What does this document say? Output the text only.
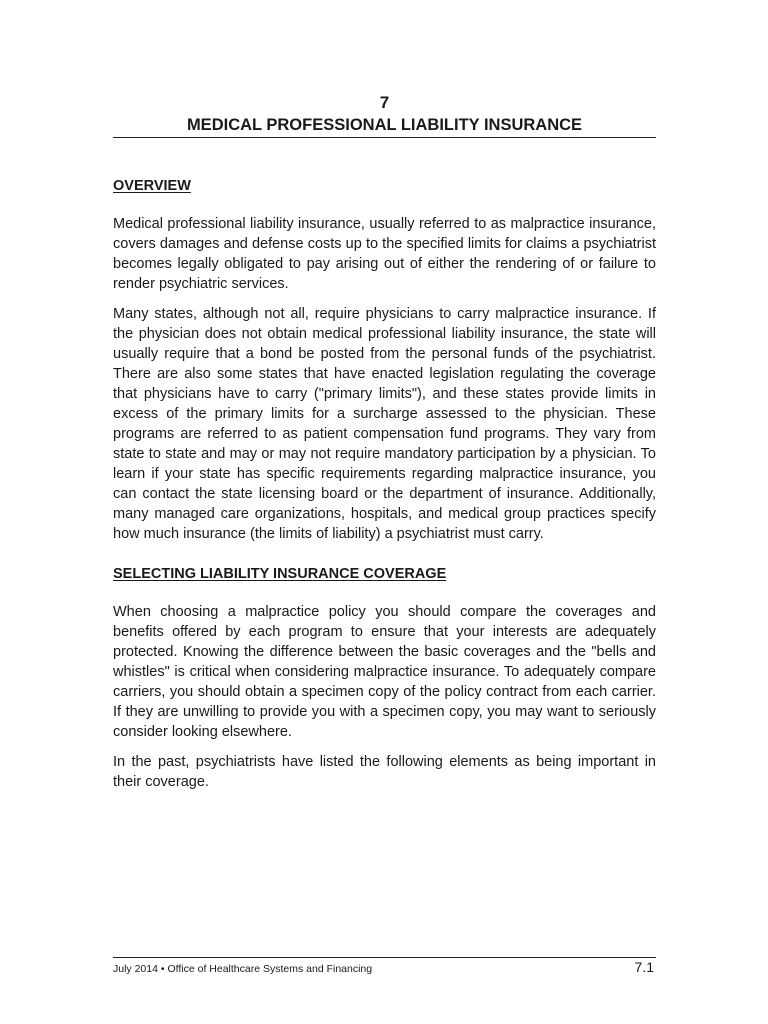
7
MEDICAL PROFESSIONAL LIABILITY INSURANCE
OVERVIEW

Medical professional liability insurance, usually referred to as malpractice insurance, covers damages and defense costs up to the specified limits for claims a psychiatrist becomes legally obligated to pay arising out of either the rendering of or failure to render psychiatric services.

Many states, although not all, require physicians to carry malpractice insurance. If the physician does not obtain medical professional liability insurance, the state will usually require that a bond be posted from the personal funds of the psychiatrist. There are also some states that have enacted legislation regulating the coverage that physicians have to carry ("primary limits"), and these states provide limits in excess of the primary limits for a surcharge assessed to the physician. These programs are referred to as patient compensation fund programs. They vary from state to state and may or may not require mandatory participation by a physician. To learn if your state has specific requirements regarding malpractice insurance, you can contact the state licensing board or the department of insurance. Additionally, many managed care organizations, hospitals, and medical group practices specify how much insurance (the limits of liability) a psychiatrist must carry.

SELECTING LIABILITY INSURANCE COVERAGE

When choosing a malpractice policy you should compare the coverages and benefits offered by each program to ensure that your interests are adequately protected. Knowing the difference between the basic coverages and the "bells and whistles" is critical when considering malpractice insurance. To adequately compare carriers, you should obtain a specimen copy of the policy contract from each carrier. If they are unwilling to provide you with a specimen copy, you may want to seriously consider looking elsewhere.

In the past, psychiatrists have listed the following elements as being important in their coverage.

July 2014 • Office of Healthcare Systems and Financing	7.1
